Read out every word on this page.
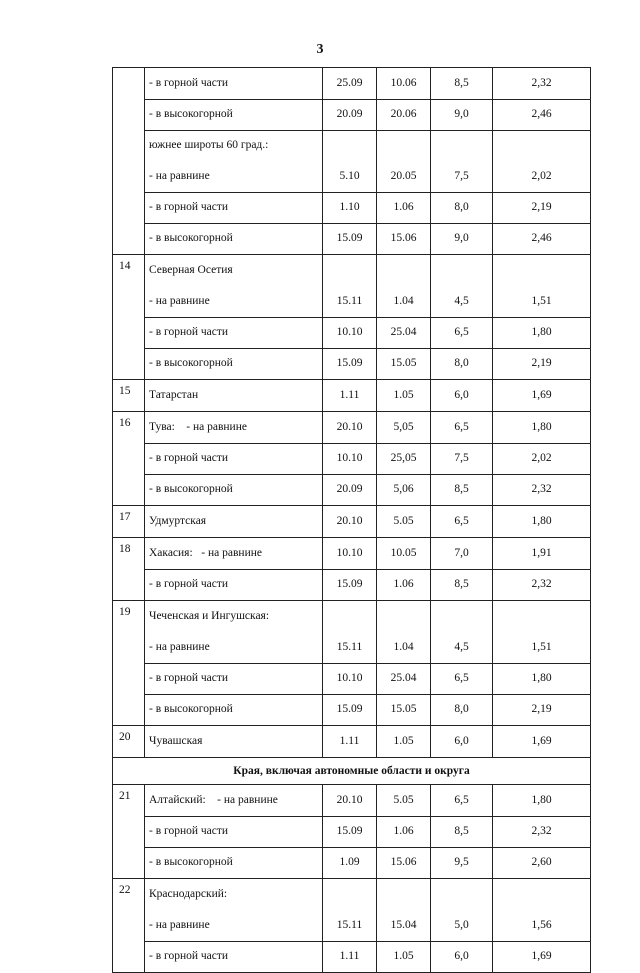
3
	- в горной части	25.09	10.06	8,5	2,32
	- в высокогорной	20.09	20.06	9,0	2,46
	южнее широты 60 град.:				
	- на равнине	5.10	20.05	7,5	2,02
	- в горной части	1.10	1.06	8,0	2,19
	- в высокогорной	15.09	15.06	9,0	2,46
14	Северная Осетия				
	- на равнине	15.11	1.04	4,5	1,51
	- в горной части	10.10	25.04	6,5	1,80
	- в высокогорной	15.09	15.05	8,0	2,19
15	Татарстан	1.11	1.05	6,0	1,69
16	Тува:    - на равнине	20.10	5,05	6,5	1,80
	- в горной части	10.10	25,05	7,5	2,02
	- в высокогорной	20.09	5,06	8,5	2,32
17	Удмуртская	20.10	5.05	6,5	1,80
18	Хакасия:   - на равнине	10.10	10.05	7,0	1,91
	- в горной части	15.09	1.06	8,5	2,32
19	Чеченская и Ингушская:				
	- на равнине	15.11	1.04	4,5	1,51
	- в горной части	10.10	25.04	6,5	1,80
	- в высокогорной	15.09	15.05	8,0	2,19
20	Чувашская	1.11	1.05	6,0	1,69
Края, включая автономные области и округа					
21	Алтайский:    - на равнине	20.10	5.05	6,5	1,80
	- в горной части	15.09	1.06	8,5	2,32
	- в высокогорной	1.09	15.06	9,5	2,60
22	Краснодарский:				
	- на равнине	15.11	15.04	5,0	1,56
	- в горной части	1.11	1.05	6,0	1,69
